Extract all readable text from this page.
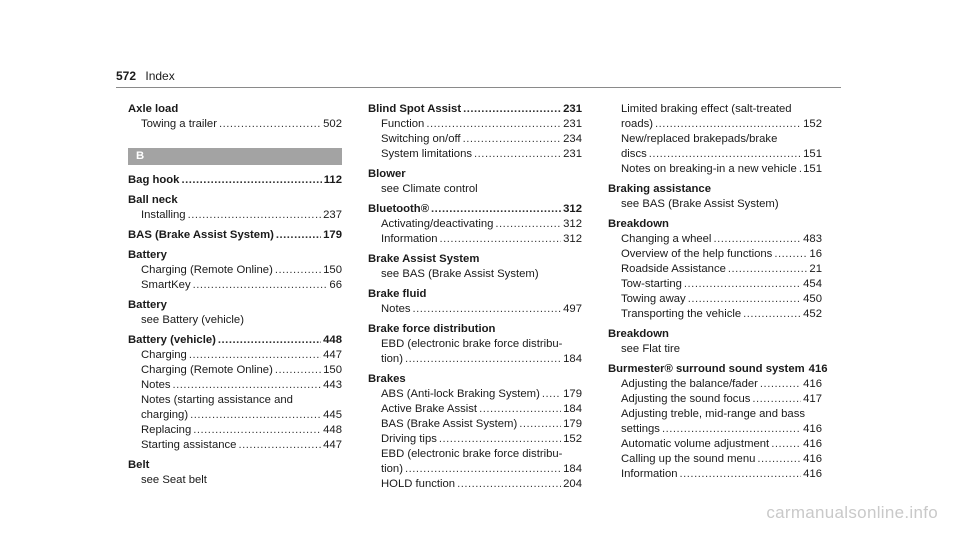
572 Index
Axle load
Towing a trailer .....	502
B
Bag hook .....	112
Ball neck
Installing .....	237
BAS (Brake Assist System) .....	179
Battery
Charging (Remote Online) .....	150
SmartKey .....	66
Battery
see Battery (vehicle)
Battery (vehicle) .....	448
Charging .....	447
Charging (Remote Online) .....	150
Notes .....	443
Notes (starting assistance and
charging) .....	445
Replacing .....	448
Starting assistance .....	447
Belt
see Seat belt
Blind Spot Assist .....	231
Function .....	231
Switching on/off .....	234
System limitations .....	231
Blower
see Climate control
Bluetooth® .....	312
Activating/deactivating .....	312
Information .....	312
Brake Assist System
see BAS (Brake Assist System)
Brake fluid
Notes .....	497
Brake force distribution
EBD (electronic brake force distribu-
tion) .....	184
Brakes
ABS (Anti-lock Braking System) ..... 179
Active Brake Assist .....	184
BAS (Brake Assist System) .....	179
Driving tips .....	152
EBD (electronic brake force distribu-
tion) .....	184
HOLD function .....	204
Limited braking effect (salt-treated
roads) .....	152
New/replaced brakepads/brake
discs .....	151
Notes on breaking-in a new vehicle ..... 151
Braking assistance
see BAS (Brake Assist System)
Breakdown
Changing a wheel .....	483
Overview of the help functions .....	16
Roadside Assistance .....	21
Tow-starting .....	454
Towing away .....	450
Transporting the vehicle .....	452
Breakdown
see Flat tire
Burmester® surround sound system 416
Adjusting the balance/fader .....	416
Adjusting the sound focus .....	417
Adjusting treble, mid-range and bass
settings .....	416
Automatic volume adjustment .....	416
Calling up the sound menu .....	416
Information .....	416
carmanualsonline.info
